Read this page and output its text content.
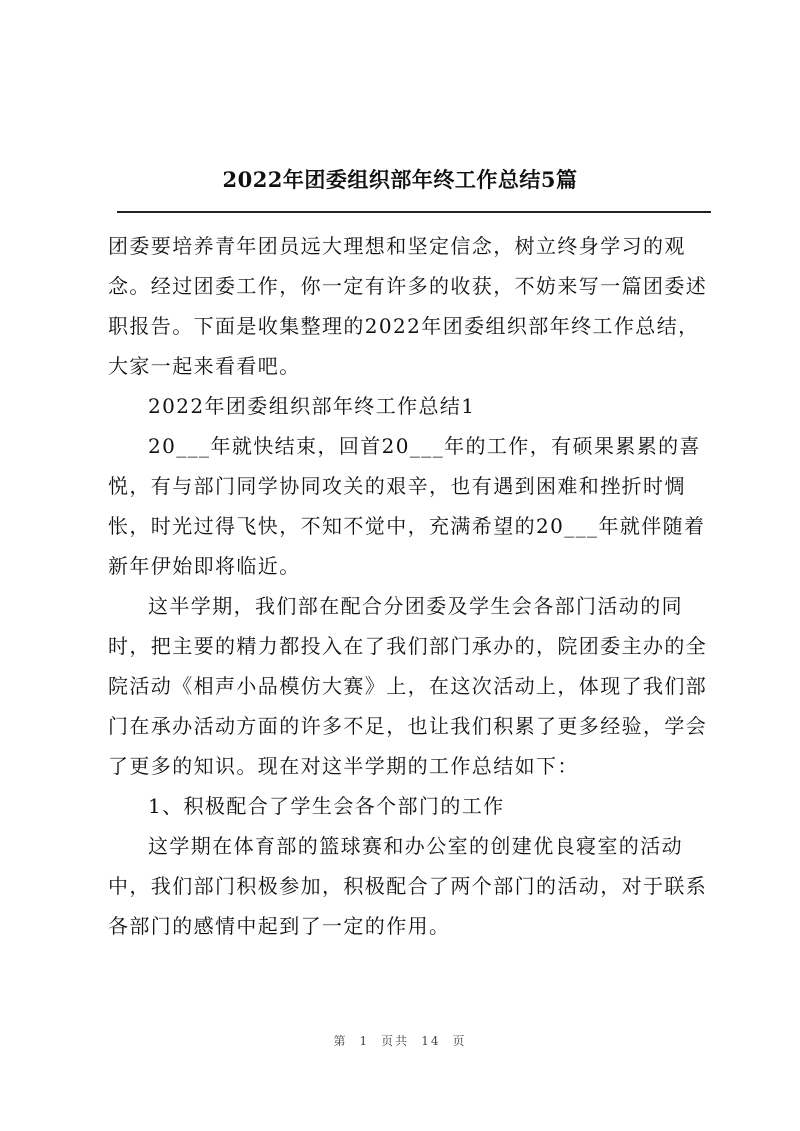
2022年团委组织部年终工作总结5篇
团委要培养青年团员远大理想和坚定信念，树立终身学习的观
念。经过团委工作，你一定有许多的收获，不妨来写一篇团委述
职报告。下面是收集整理的2022年团委组织部年终工作总结，
大家一起来看看吧。
2022年团委组织部年终工作总结1
20___年就快结束，回首20___年的工作，有硕果累累的喜
悦，有与部门同学协同攻关的艰辛，也有遇到困难和挫折时惆
怅，时光过得飞快，不知不觉中，充满希望的20___年就伴随着
新年伊始即将临近。
这半学期，我们部在配合分团委及学生会各部门活动的同
时，把主要的精力都投入在了我们部门承办的，院团委主办的全
院活动《相声小品模仿大赛》上，在这次活动上，体现了我们部
门在承办活动方面的许多不足，也让我们积累了更多经验，学会
了更多的知识。现在对这半学期的工作总结如下：
1、积极配合了学生会各个部门的工作
这学期在体育部的篮球赛和办公室的创建优良寝室的活动
中，我们部门积极参加，积极配合了两个部门的活动，对于联系
各部门的感情中起到了一定的作用。
第 1 页共 14 页
